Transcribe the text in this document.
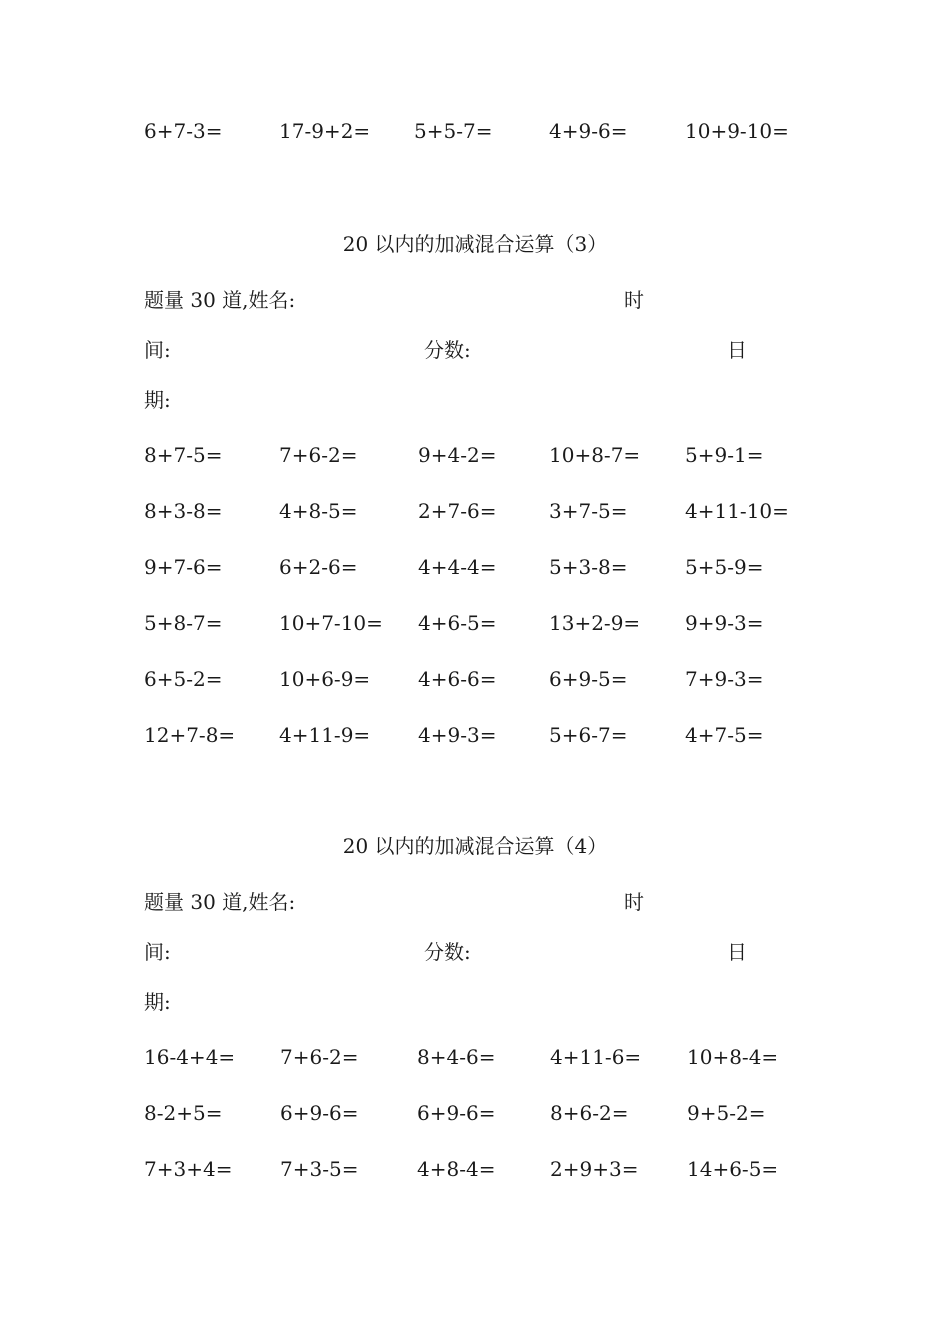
6+7-3=	17-9+2= 5+5-7=	4+9-6=	10+9-10=
20 以内的加减混合运算（3）
题量 30 道,姓名:	时
间:	分数:	日
期:
8+7-5=	7+6-2=	9+4-2=	10+8-7= 5+9-1=
8+3-8=	4+8-5=	2+7-6=	3+7-5=	4+11-10=
9+7-6=	6+2-6=	4+4-4=	5+3-8=	5+5-9=
5+8-7=	10+7-10= 4+6-5=	13+2-9= 9+9-3=
6+5-2=	10+6-9= 4+6-6=	6+9-5=	7+9-3=
12+7-8= 4+11-9= 4+9-3=	5+6-7=	4+7-5=
20 以内的加减混合运算（4）
题量 30 道,姓名:	时
间:	分数:	日
期:
16-4+4= 7+6-2=	8+4-6=	4+11-6= 10+8-4=
8-2+5=	6+9-6=	6+9-6=	8+6-2=	9+5-2=
7+3+4= 7+3-5=	4+8-4=	2+9+3= 14+6-5=
